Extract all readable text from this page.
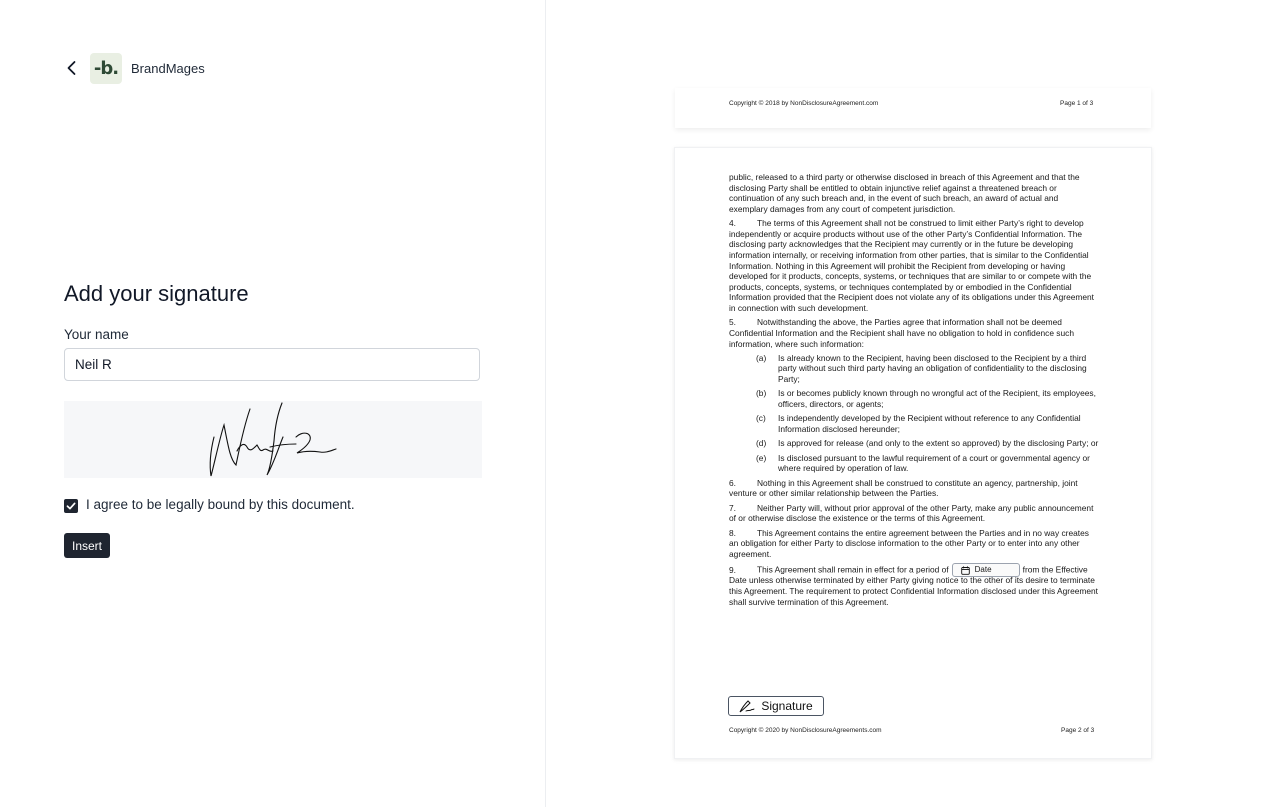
-b. BrandMages
Add your signature
Your name
Neil R
I agree to be legally bound by this document.
Insert
Copyright © 2018 by NonDisclosureAgreement.com	Page 1 of 3

public, released to a third party or otherwise disclosed in breach of this Agreement and that the disclosing Party shall be entitled to obtain injunctive relief against a threatened breach or continuation of any such breach and, in the event of such breach, an award of actual and exemplary damages from any court of competent jurisdiction.

4.	The terms of this Agreement shall not be construed to limit either Party’s right to develop independently or acquire products without use of the other Party’s Confidential Information. The disclosing party acknowledges that the Recipient may currently or in the future be developing information internally, or receiving information from other parties, that is similar to the Confidential Information. Nothing in this Agreement will prohibit the Recipient from developing or having developed for it products, concepts, systems, or techniques that are similar to or compete with the products, concepts, systems, or techniques contemplated by or embodied in the Confidential Information provided that the Recipient does not violate any of its obligations under this Agreement in connection with such development.

5.	Notwithstanding the above, the Parties agree that information shall not be deemed Confidential Information and the Recipient shall have no obligation to hold in confidence such information, where such information:

(a)	Is already known to the Recipient, having been disclosed to the Recipient by a third party without such third party having an obligation of confidentiality to the disclosing Party;
(b)	Is or becomes publicly known through no wrongful act of the Recipient, its employees, officers, directors, or agents;
(c)	Is independently developed by the Recipient without reference to any Confidential Information disclosed hereunder;
(d)	Is approved for release (and only to the extent so approved) by the disclosing Party; or
(e)	Is disclosed pursuant to the lawful requirement of a court or governmental agency or where required by operation of law.

6.	Nothing in this Agreement shall be construed to constitute an agency, partnership, joint venture or other similar relationship between the Parties.

7.	Neither Party will, without prior approval of the other Party, make any public announcement of or otherwise disclose the existence or the terms of this Agreement.

8.	This Agreement contains the entire agreement between the Parties and in no way creates an obligation for either Party to disclose information to the other Party or to enter into any other agreement.

9.	This Agreement shall remain in effect for a period of	Date	from the Effective Date unless otherwise terminated by either Party giving notice to the other of its desire to terminate this Agreement. The requirement to protect Confidential Information disclosed under this Agreement shall survive termination of this Agreement.

Signature
Copyright © 2020 by NonDisclosureAgreements.com	Page 2 of 3
